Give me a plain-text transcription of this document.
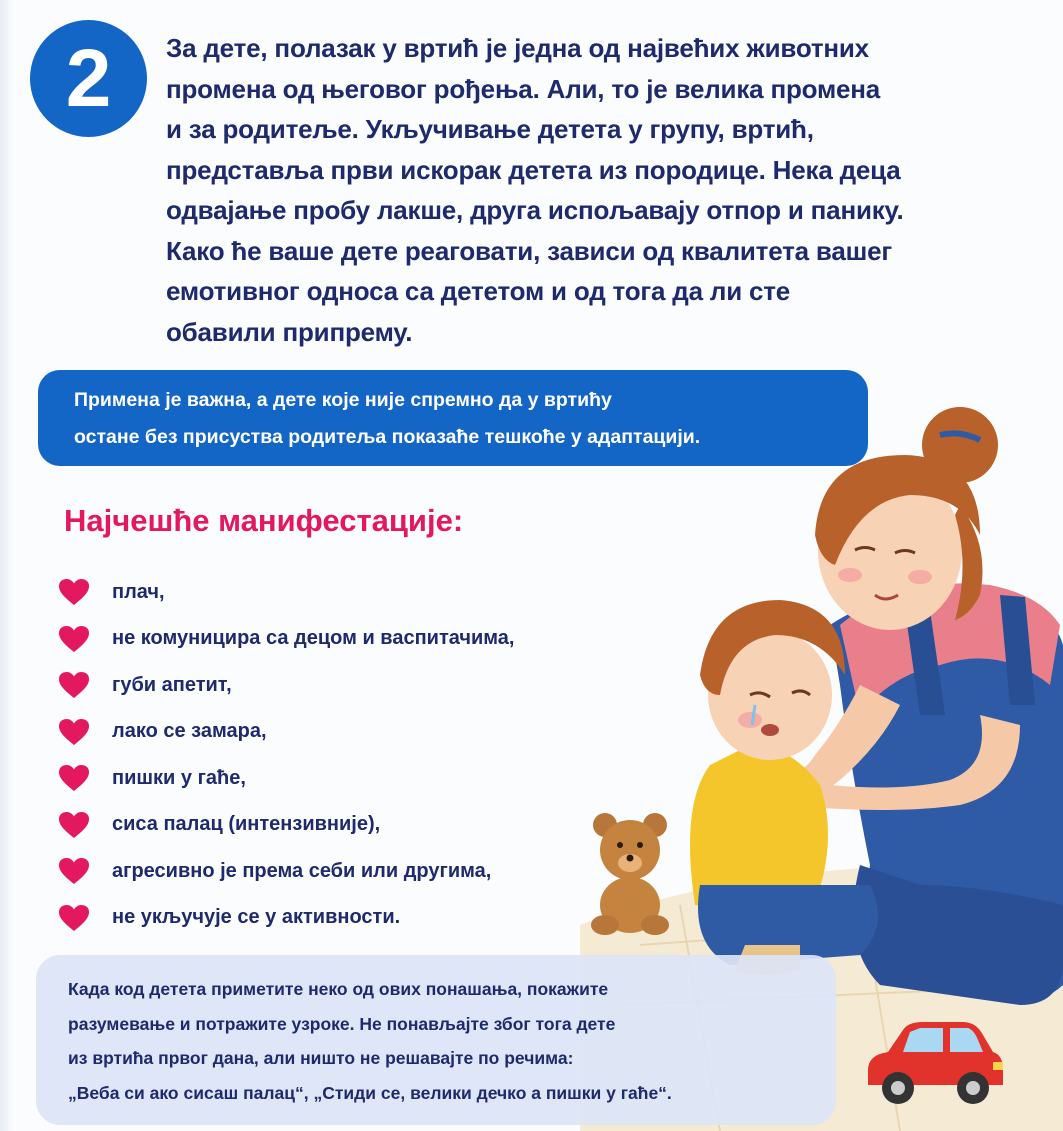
2	За дете, полазак у вртић је једна од највећих животних
промена од његовог рођења. Али, то је велика промена
и за родитеље. Укључивање детета у групу, вртић,
представља први искорак детета из породице. Нека деца
одвајање пробу лакше, друга испољавају отпор и панику.
Како ће ваше дете реаговати, зависи од квалитета вашег
емотивног односа са дететом и од тога да ли сте
обавили припрему.
Примена је важна, а дете које није спремно да у вртићу
остане без присуства родитеља показаће тешкоће у адаптацији.
Најчешће манифестације:
плач,
не комуницира са децом и васпитачима,
губи апетит,
лако се замара,
пишки у гаће,
сиса палац (интензивније),
агресивно је према себи или другима,
не укључује се у активности.
Када код детета приметите неко од ових понашања, покажите
разумевање и потражите узроке. Не понављајте због тога дете
из вртића првог дана, али ништо не решавајте по речима:
„Веба си ако сисаш палац“, „Стиди се, велики дечко а пишки у гаће“.
